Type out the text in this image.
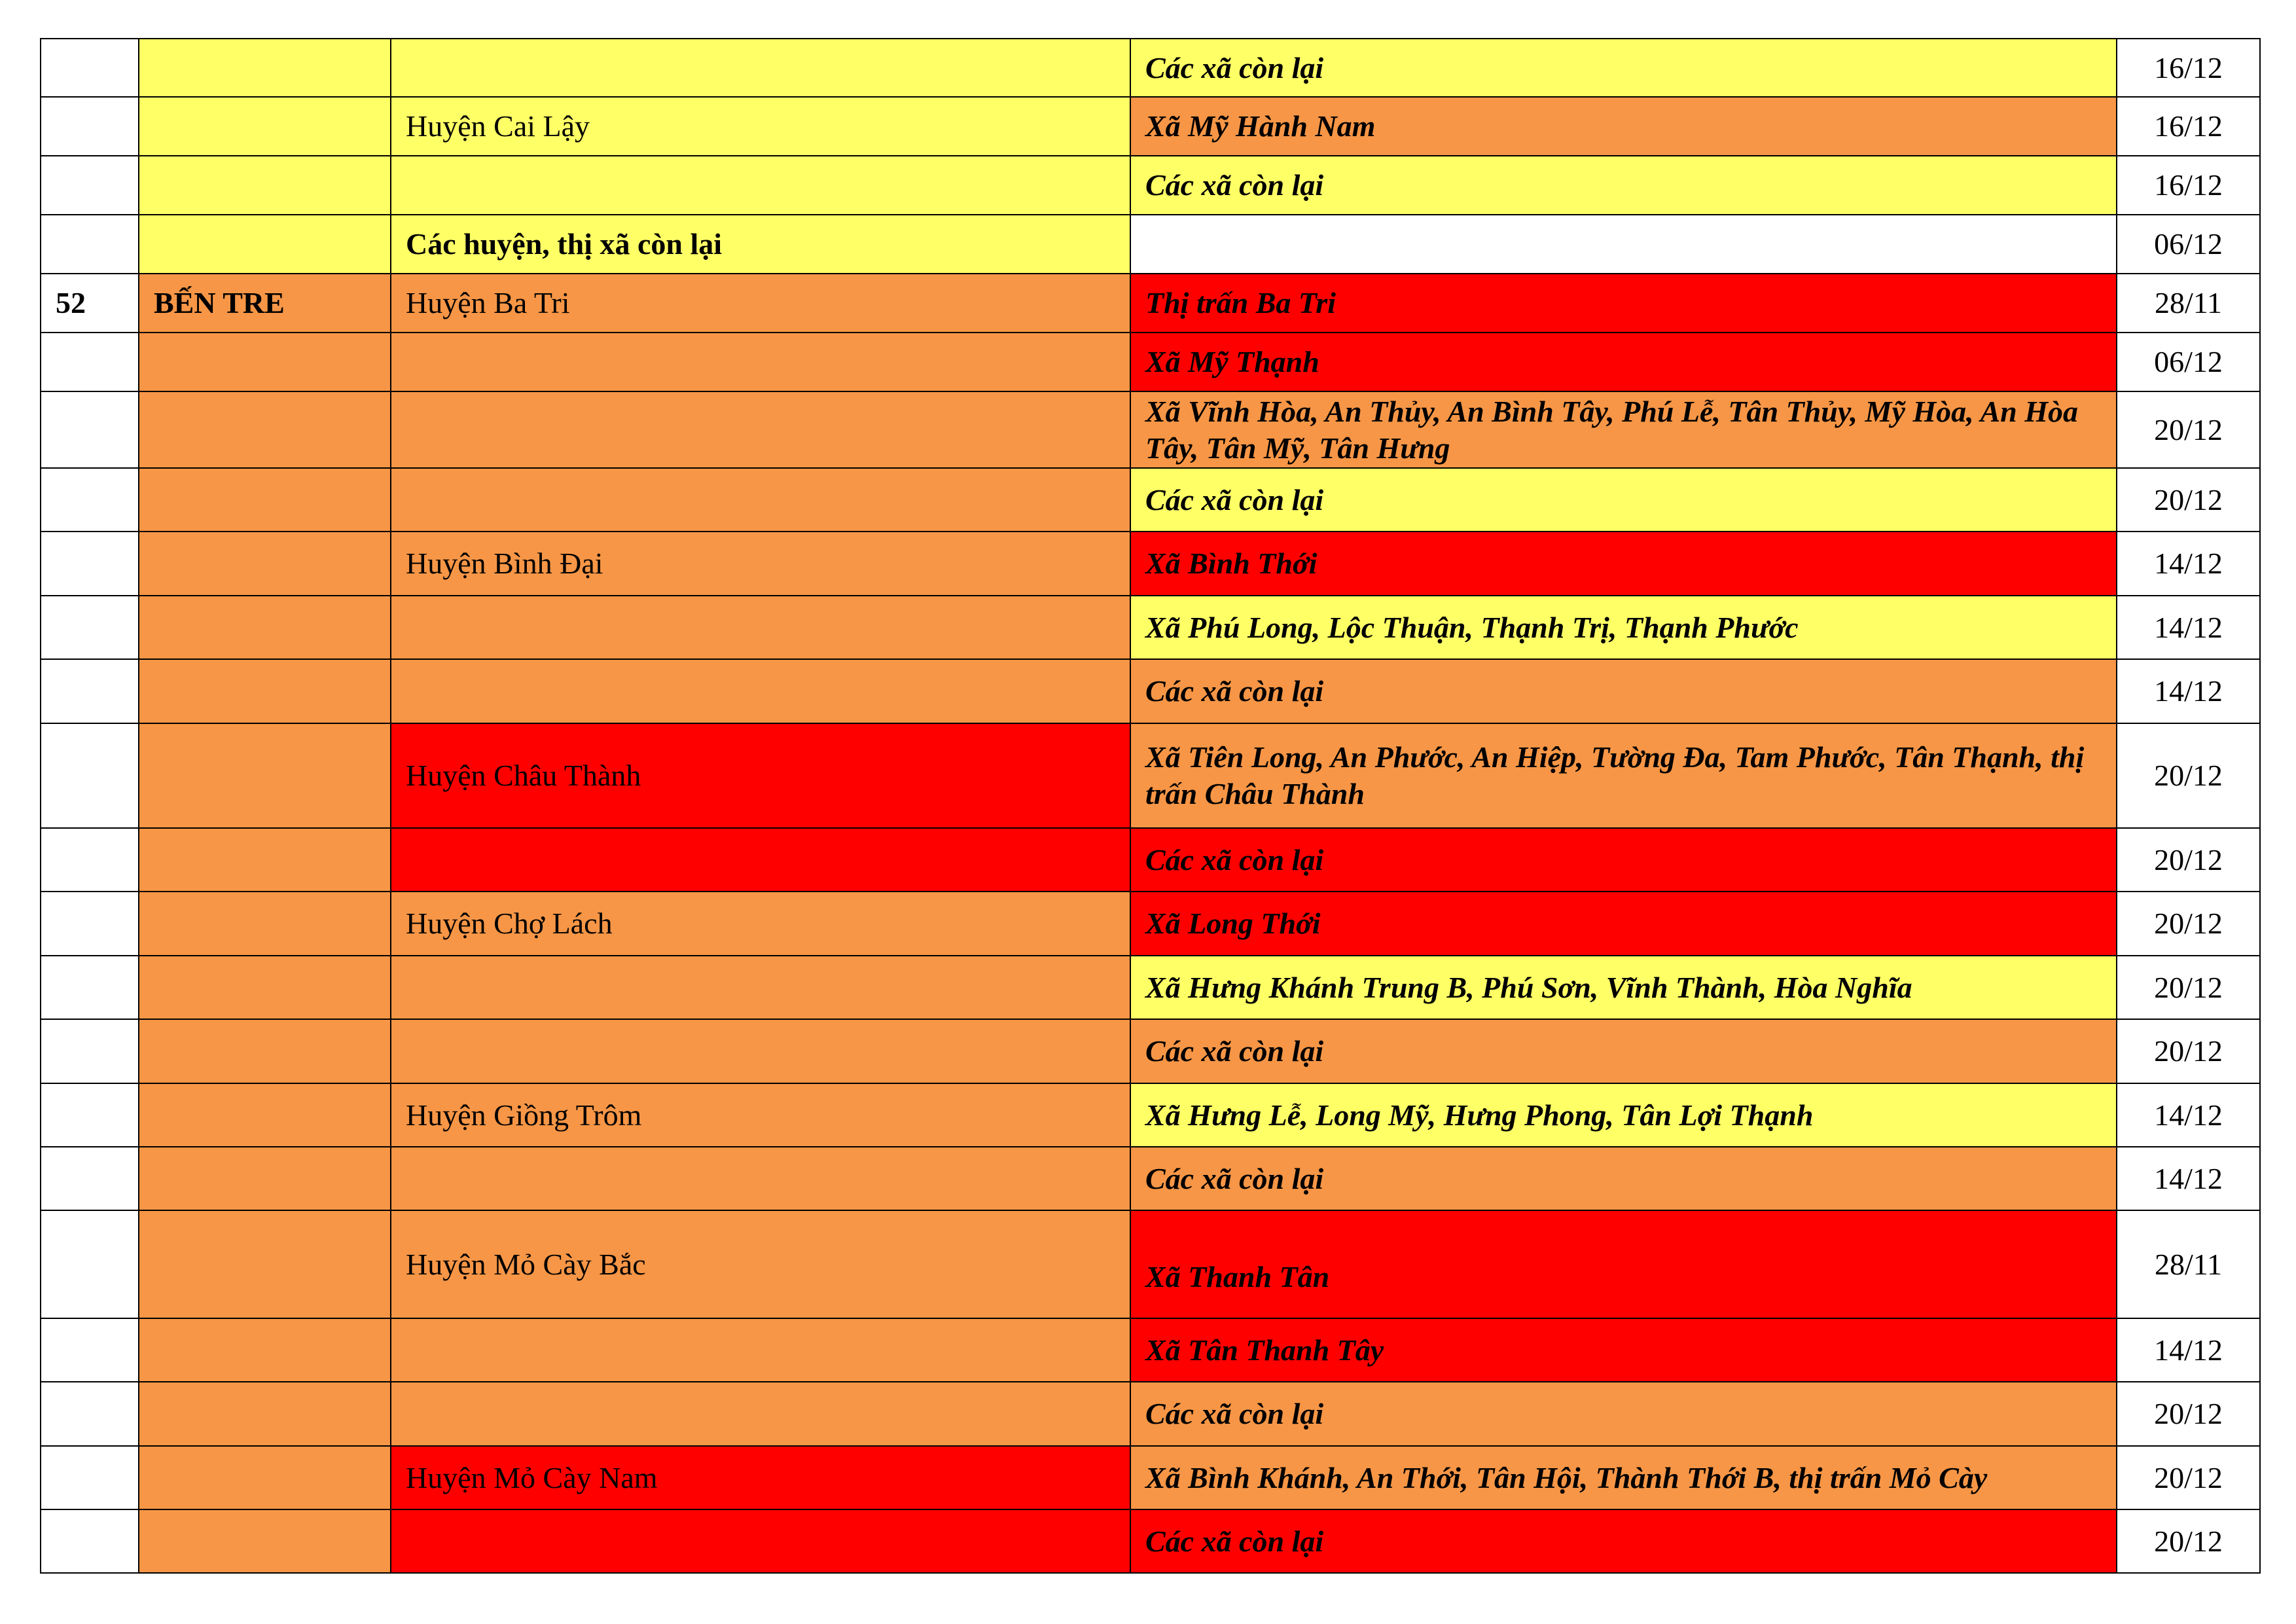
			Các xã còn lại	16/12
		Huyện Cai Lậy	Xã Mỹ Hành Nam	16/12
			Các xã còn lại	16/12
		Các huyện, thị xã còn lại		06/12
52	BẾN TRE	Huyện Ba Tri	Thị trấn Ba Tri	28/11
			Xã Mỹ Thạnh	06/12
			Xã Vĩnh Hòa, An Thủy, An Bình Tây, Phú Lễ, Tân Thủy, Mỹ Hòa, An Hòa Tây, Tân Mỹ, Tân Hưng	20/12
			Các xã còn lại	20/12
		Huyện Bình Đại	Xã Bình Thới	14/12
			Xã Phú Long, Lộc Thuận, Thạnh Trị, Thạnh Phước	14/12
			Các xã còn lại	14/12
		Huyện Châu Thành	Xã Tiên Long, An Phước, An Hiệp, Tường Đa, Tam Phước, Tân Thạnh, thị trấn Châu Thành	20/12
			Các xã còn lại	20/12
		Huyện Chợ Lách	Xã Long Thới	20/12
			Xã Hưng Khánh Trung B, Phú Sơn, Vĩnh Thành, Hòa Nghĩa	20/12
			Các xã còn lại	20/12
		Huyện Giồng Trôm	Xã Hưng Lễ, Long Mỹ, Hưng Phong, Tân Lợi Thạnh	14/12
			Các xã còn lại	14/12
		Huyện Mỏ Cày Bắc	Xã Thanh Tân	28/11
			Xã Tân Thanh Tây	14/12
			Các xã còn lại	20/12
		Huyện Mỏ Cày Nam	Xã Bình Khánh, An Thới, Tân Hội, Thành Thới B, thị trấn Mỏ Cày	20/12
			Các xã còn lại	20/12
